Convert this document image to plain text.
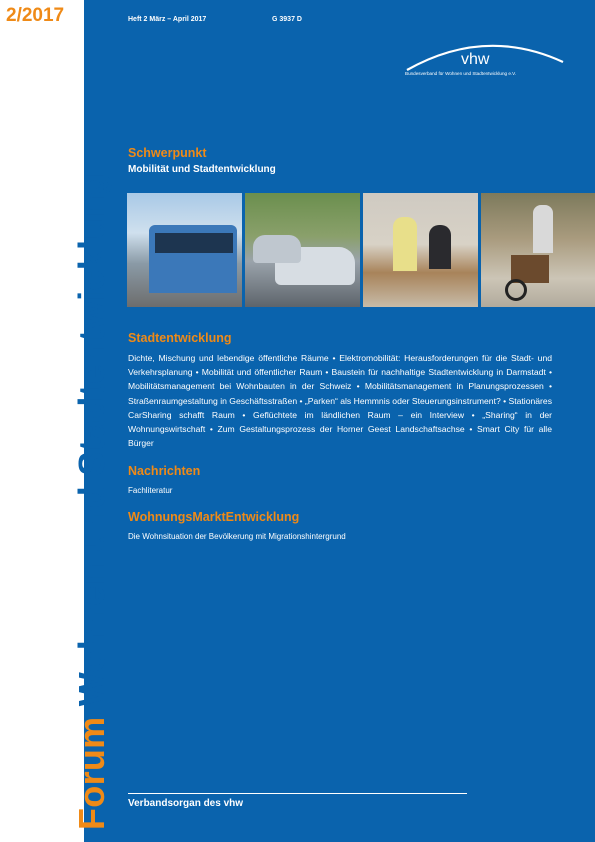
2/2017
Forum Wohnen und Stadtentwicklung
Heft 2 März – April 2017	G 3937 D
vhw
Bundesverband für Wohnen und Stadtentwicklung e.V.
Schwerpunkt
Mobilität und Stadtentwicklung
Stadtentwicklung
Dichte, Mischung und lebendige öffentliche Räume • Elektromobilität: Herausforderungen für die Stadt- und Verkehrsplanung • Mobilität und öffentlicher Raum • Baustein für nachhaltige Stadtentwicklung in Darmstadt • Mobilitätsmanagement bei Wohnbauten in der Schweiz • Mobilitätsmanagement in Planungsprozessen • Straßenraumgestaltung in Geschäftsstraßen • „Parken“ als Hemmnis oder Steuerungsinstrument? • Stationäres CarSharing schafft Raum • Geflüchtete im ländlichen Raum – ein Interview • „Sharing“ in der Wohnungswirtschaft • Zum Gestaltungsprozess der Horner Geest Landschaftsachse • Smart City für alle Bürger
Nachrichten
Fachliteratur
WohnungsMarktEntwicklung
Die Wohnsituation der Bevölkerung mit Migrationshintergrund
Verbandsorgan des vhw
